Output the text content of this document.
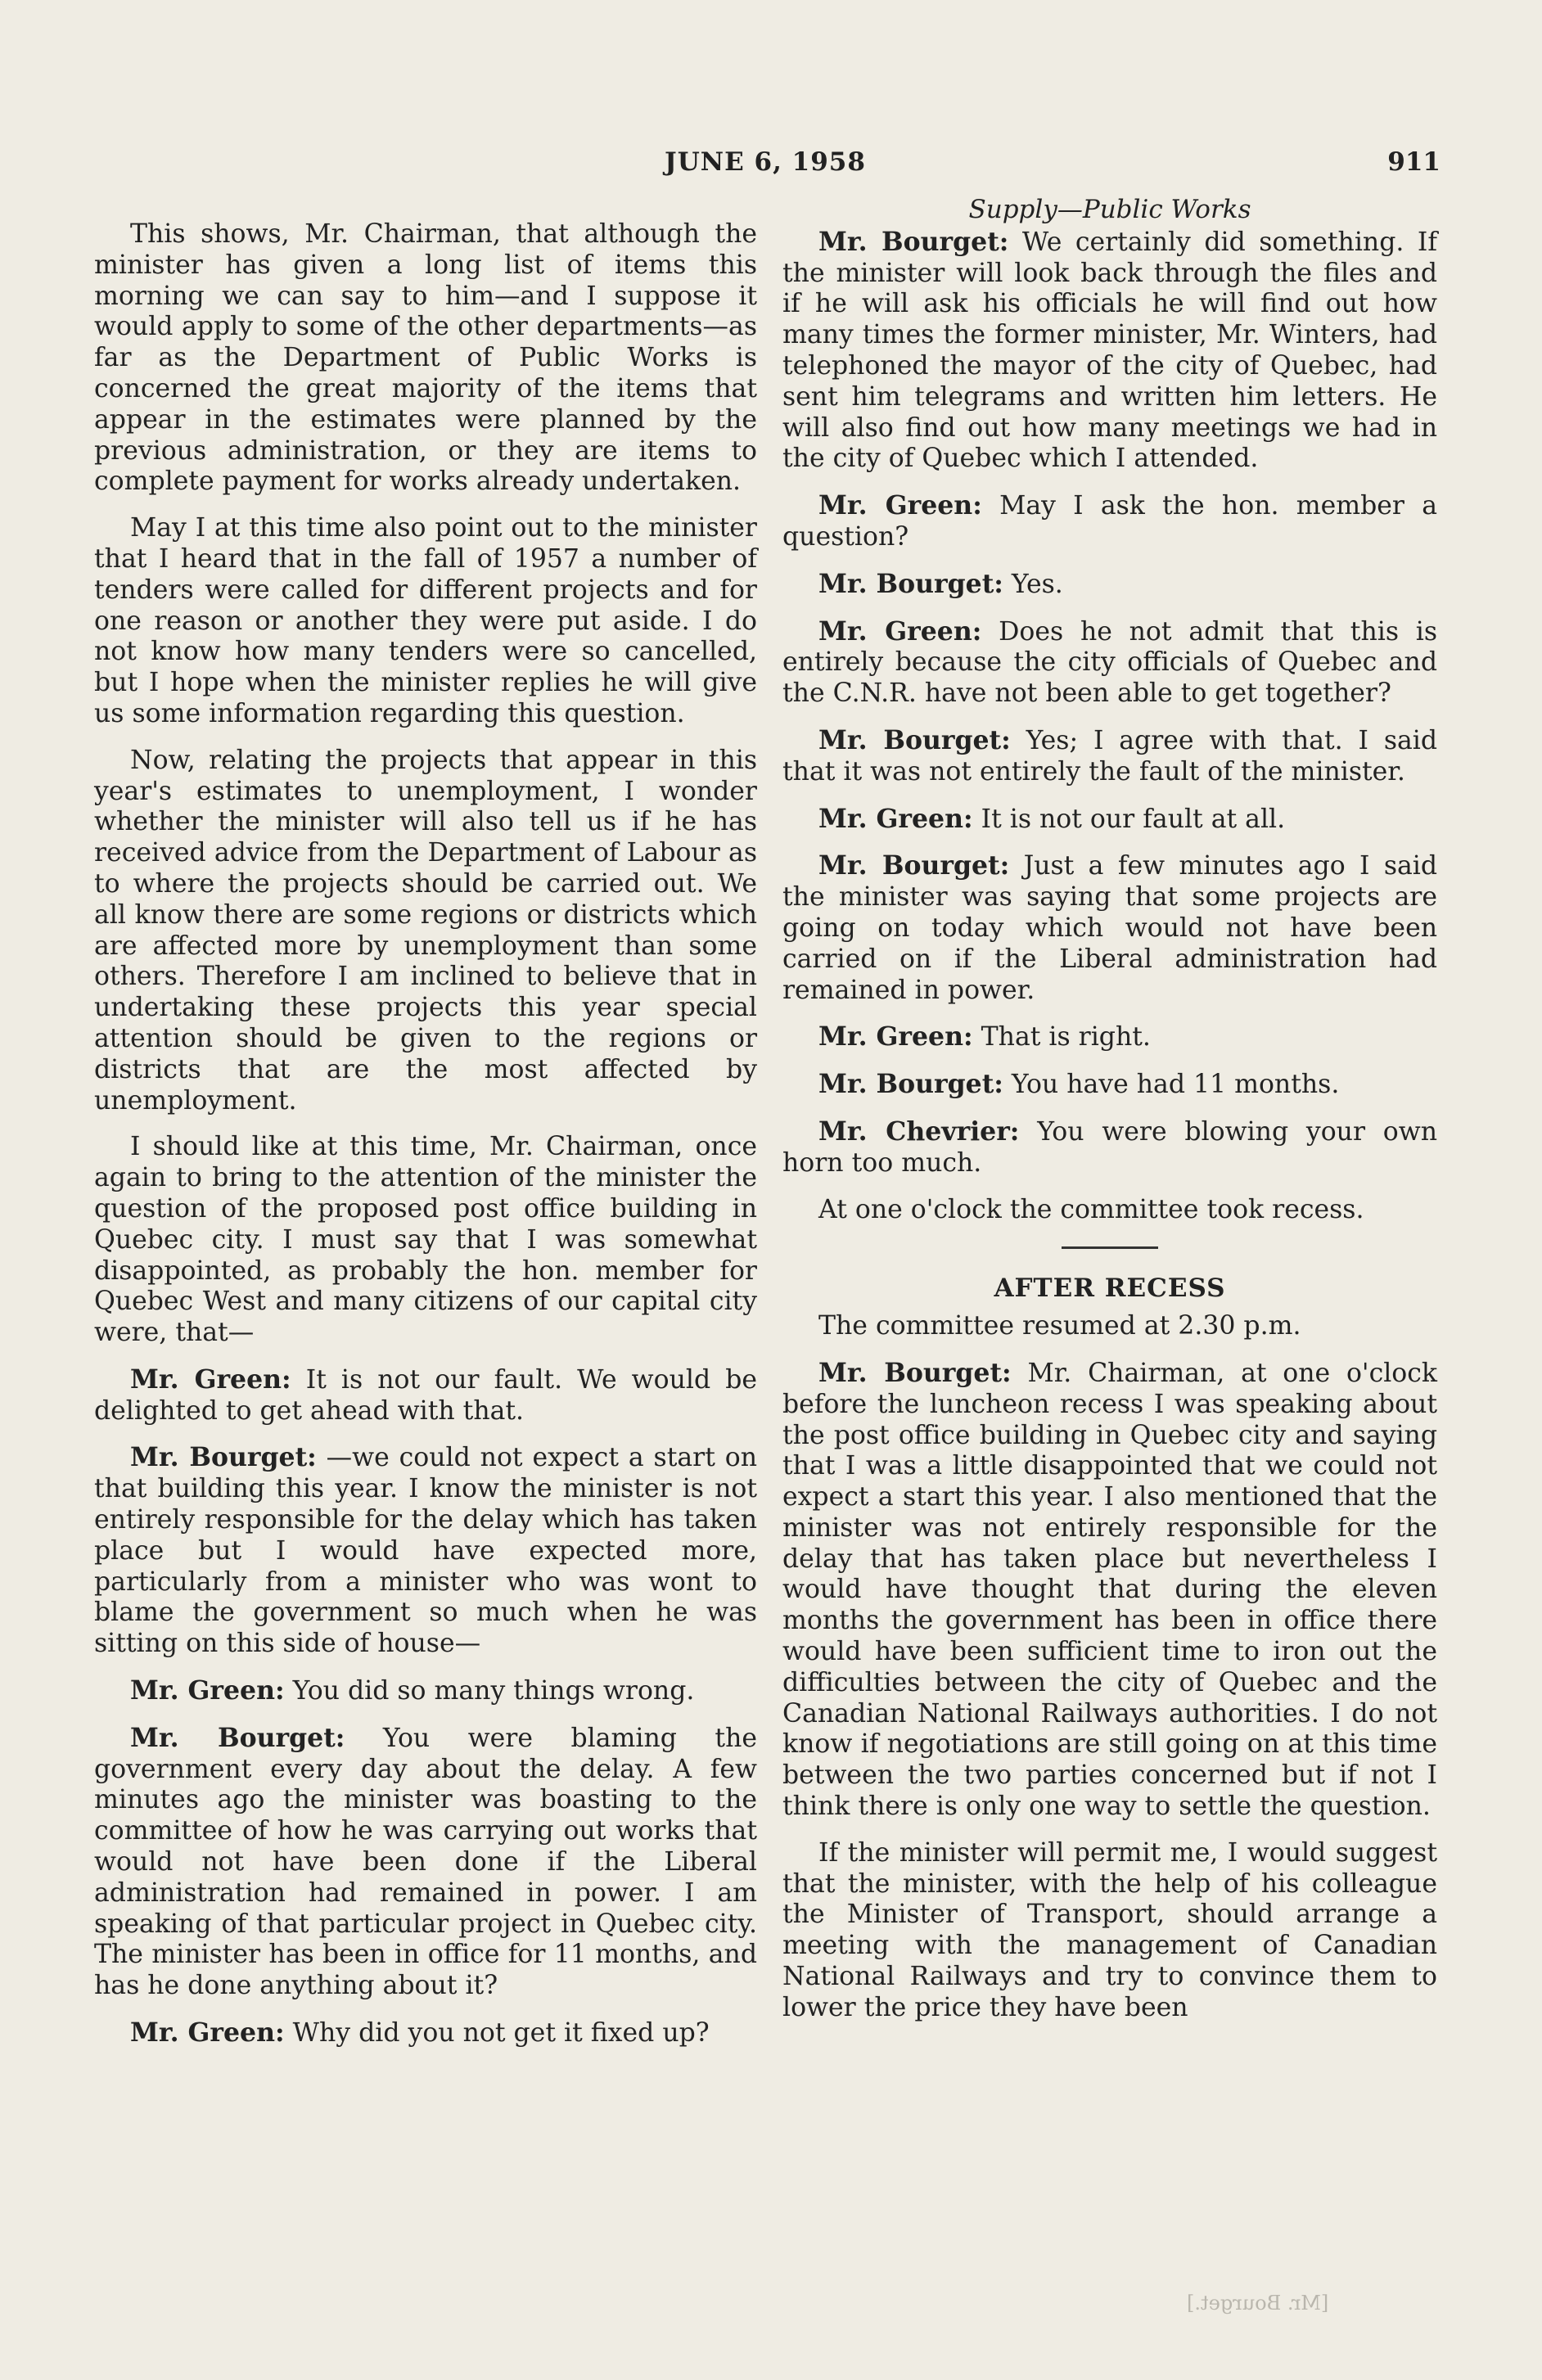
JUNE 6, 1958	911

This shows, Mr. Chairman, that although the minister has given a long list of items this morning we can say to him—and I suppose it would apply to some of the other departments—as far as the Department of Public Works is concerned the great majority of the items that appear in the estimates were planned by the previous administration, or they are items to complete payment for works already undertaken.

May I at this time also point out to the minister that I heard that in the fall of 1957 a number of tenders were called for different projects and for one reason or another they were put aside. I do not know how many tenders were so cancelled, but I hope when the minister replies he will give us some information regarding this question.

Now, relating the projects that appear in this year's estimates to unemployment, I wonder whether the minister will also tell us if he has received advice from the Department of Labour as to where the projects should be carried out. We all know there are some regions or districts which are affected more by unemployment than some others. Therefore I am inclined to believe that in undertaking these projects this year special attention should be given to the regions or districts that are the most affected by unemployment.

I should like at this time, Mr. Chairman, once again to bring to the attention of the minister the question of the proposed post office building in Quebec city. I must say that I was somewhat disappointed, as probably the hon. member for Quebec West and many citizens of our capital city were, that—

Mr. Green: It is not our fault. We would be delighted to get ahead with that.

Mr. Bourget: —we could not expect a start on that building this year. I know the minister is not entirely responsible for the delay which has taken place but I would have expected more, particularly from a minister who was wont to blame the government so much when he was sitting on this side of house—

Mr. Green: You did so many things wrong.

Mr. Bourget: You were blaming the government every day about the delay. A few minutes ago the minister was boasting to the committee of how he was carrying out works that would not have been done if the Liberal administration had remained in power. I am speaking of that particular project in Quebec city. The minister has been in office for 11 months, and has he done anything about it?

Mr. Green: Why did you not get it fixed up?

Supply—Public Works

Mr. Bourget: We certainly did something. If the minister will look back through the files and if he will ask his officials he will find out how many times the former minister, Mr. Winters, had telephoned the mayor of the city of Quebec, had sent him telegrams and written him letters. He will also find out how many meetings we had in the city of Quebec which I attended.

Mr. Green: May I ask the hon. member a question?

Mr. Bourget: Yes.

Mr. Green: Does he not admit that this is entirely because the city officials of Quebec and the C.N.R. have not been able to get together?

Mr. Bourget: Yes; I agree with that. I said that it was not entirely the fault of the minister.

Mr. Green: It is not our fault at all.

Mr. Bourget: Just a few minutes ago I said the minister was saying that some projects are going on today which would not have been carried on if the Liberal administration had remained in power.

Mr. Green: That is right.

Mr. Bourget: You have had 11 months.

Mr. Chevrier: You were blowing your own horn too much.

At one o'clock the committee took recess.

AFTER RECESS

The committee resumed at 2.30 p.m.

Mr. Bourget: Mr. Chairman, at one o'clock before the luncheon recess I was speaking about the post office building in Quebec city and saying that I was a little disappointed that we could not expect a start this year. I also mentioned that the minister was not entirely responsible for the delay that has taken place but nevertheless I would have thought that during the eleven months the government has been in office there would have been sufficient time to iron out the difficulties between the city of Quebec and the Canadian National Railways authorities. I do not know if negotiations are still going on at this time between the two parties concerned but if not I think there is only one way to settle the question.

If the minister will permit me, I would suggest that the minister, with the help of his colleague the Minister of Transport, should arrange a meeting with the management of Canadian National Railways and try to convince them to lower the price they have been

[Mr. Bourget.]
